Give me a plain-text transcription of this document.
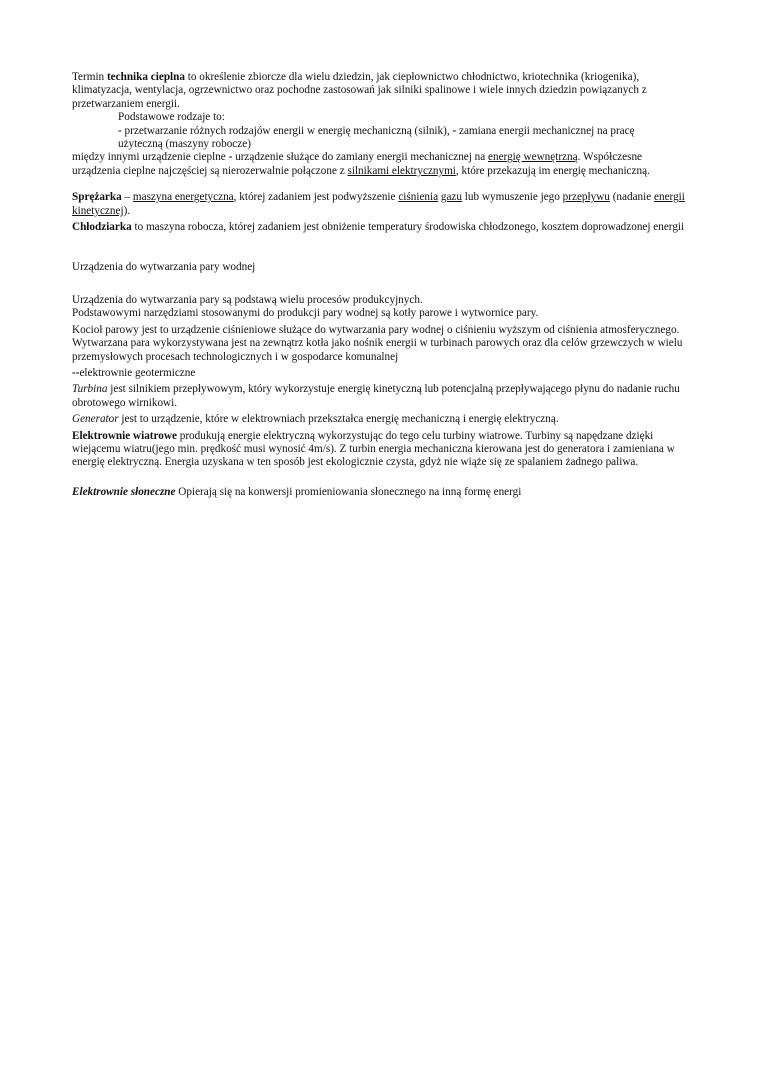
Termin technika cieplna to określenie zbiorcze dla wielu dziedzin, jak ciepłownictwo chłodnictwo, kriotechnika (kriogenika), klimatyzacja, wentylacja, ogrzewnictwo oraz pochodne zastosowań jak silniki spalinowe i wiele innych dziedzin powiązanych z przetwarzaniem energii.

Podstawowe rodzaje to:

- przetwarzanie różnych rodzajów energii w energię mechaniczną (silnik), - zamiana energii mechanicznej na pracę użyteczną (maszyny robocze)

między innymi urządzenie cieplne - urządzenie służące do zamiany energii mechanicznej na energię wewnętrzną. Współczesne urządzenia cieplne najczęściej są nierozerwalnie połączone z silnikami elektrycznymi, które przekazują im energię mechaniczną.

Sprężarka – maszyna energetyczna, której zadaniem jest podwyższenie ciśnienia gazu lub wymuszenie jego przepływu (nadanie energii kinetycznej).

Chłodziarka to maszyna robocza, której zadaniem jest obniżenie temperatury środowiska chłodzonego, kosztem doprowadzonej energii

Urządzenia do wytwarzania pary wodnej

Urządzenia do wytwarzania pary są podstawą wielu procesów produkcyjnych.

Podstawowymi narzędziami stosowanymi do produkcji pary wodnej są kotły parowe i wytwornice pary.

Kocioł parowy jest to urządzenie ciśnieniowe służące do wytwarzania pary wodnej o ciśnieniu wyższym od ciśnienia atmosferycznego. Wytwarzana para wykorzystywana jest na zewnątrz kotła jako nośnik energii w turbinach parowych oraz dla celów grzewczych w wielu przemysłowych procesach technologicznych i w gospodarce komunalnej

--elektrownie geotermiczne

Turbina jest silnikiem przepływowym, który wykorzystuje energię kinetyczną lub potencjalną przepływającego płynu do nadanie ruchu obrotowego wirnikowi.

Generator jest to urządzenie, które w elektrowniach przekształca energię mechaniczną i energię elektryczną.

Elektrownie wiatrowe produkują energie elektryczną wykorzystując do tego celu turbiny wiatrowe. Turbiny są napędzane dzięki wiejącemu wiatru(jego min. prędkość musi wynosić 4m/s). Z turbin energia mechaniczna kierowana jest do generatora i zamieniana w energię elektryczną. Energia uzyskana w ten sposób jest ekologicznie czysta, gdyż nie wiąże się ze spalaniem żadnego paliwa.

Elektrownie słoneczne Opierają się na konwersji promieniowania słonecznego na inną formę energi
